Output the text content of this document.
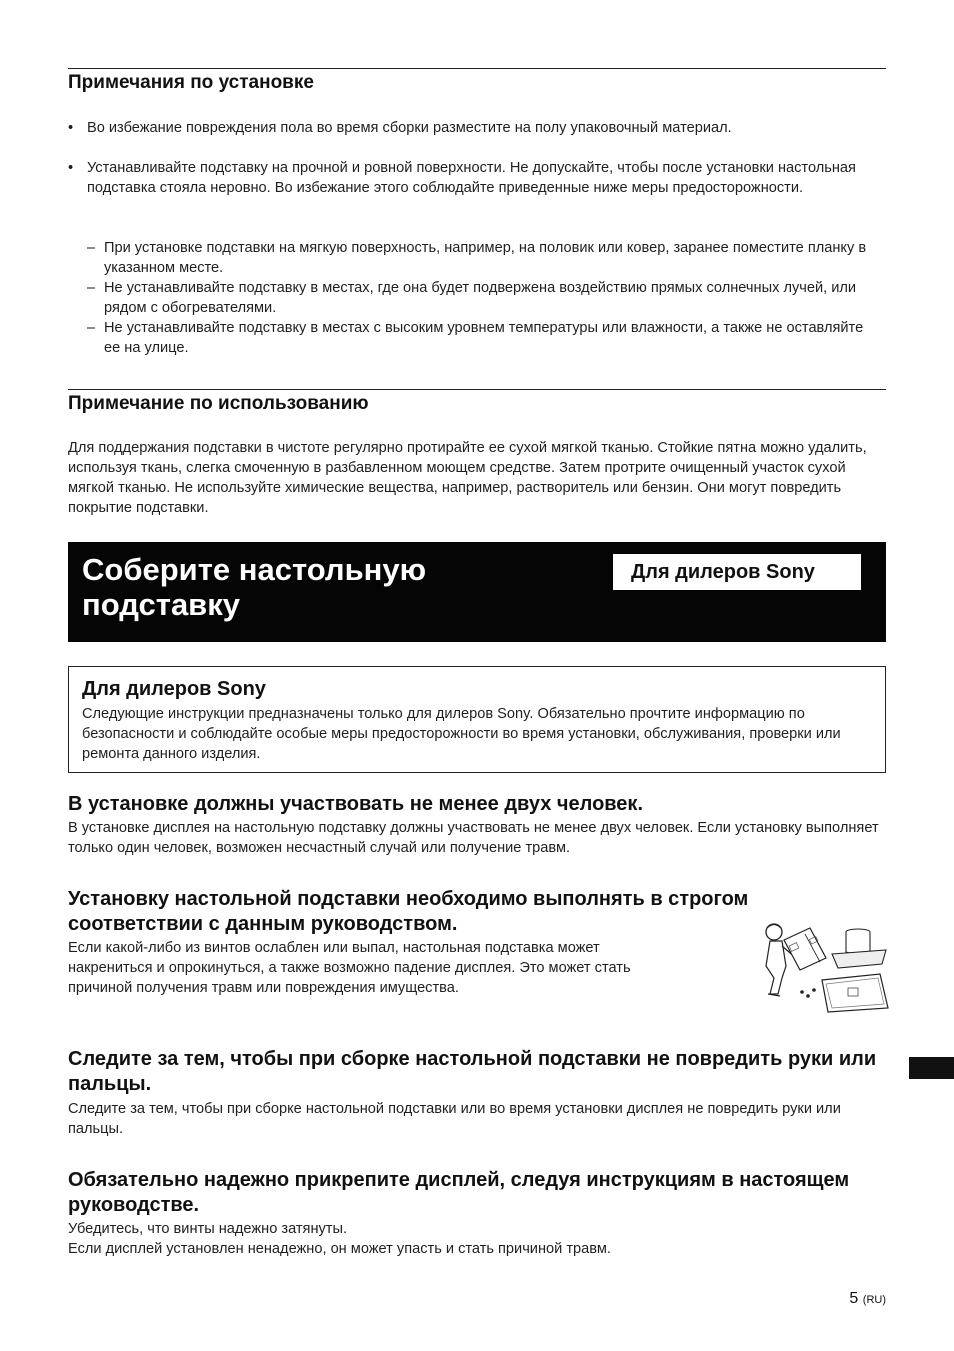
Примечания по установке
• Во избежание повреждения пола во время сборки разместите на полу упаковочный материал.
• Устанавливайте подставку на прочной и ровной поверхности. Не допускайте, чтобы после установки настольная подставка стояла неровно. Во избежание этого соблюдайте приведенные ниже меры предосторожности.
– При установке подставки на мягкую поверхность, например, на половик или ковер, заранее поместите планку в указанном месте.
– Не устанавливайте подставку в местах, где она будет подвержена воздействию прямых солнечных лучей, или рядом с обогревателями.
– Не устанавливайте подставку в местах с высоким уровнем температуры или влажности, а также не оставляйте ее на улице.
Примечание по использованию
Для поддержания подставки в чистоте регулярно протирайте ее сухой мягкой тканью. Стойкие пятна можно удалить, используя ткань, слегка смоченную в разбавленном моющем средстве. Затем протрите очищенный участок сухой мягкой тканью. Не используйте химические вещества, например, растворитель или бензин. Они могут повредить покрытие подставки.
Соберите настольную подставку
Для дилеров Sony
Для дилеров Sony
Следующие инструкции предназначены только для дилеров Sony. Обязательно прочтите информацию по безопасности и соблюдайте особые меры предосторожности во время установки, обслуживания, проверки или ремонта данного изделия.
В установке должны участвовать не менее двух человек.
В установке дисплея на настольную подставку должны участвовать не менее двух человек. Если установку выполняет только один человек, возможен несчастный случай или получение травм.
Установку настольной подставки необходимо выполнять в строгом соответствии с данным руководством.
Если какой-либо из винтов ослаблен или выпал, настольная подставка может накрениться и опрокинуться, а также возможно падение дисплея. Это может стать причиной получения травм или повреждения имущества.
Следите за тем, чтобы при сборке настольной подставки не повредить руки или пальцы.
Следите за тем, чтобы при сборке настольной подставки или во время установки дисплея не повредить руки или пальцы.
Обязательно надежно прикрепите дисплей, следуя инструкциям в настоящем руководстве.
Убедитесь, что винты надежно затянуты.
Если дисплей установлен ненадежно, он может упасть и стать причиной травм.
5 (RU)
